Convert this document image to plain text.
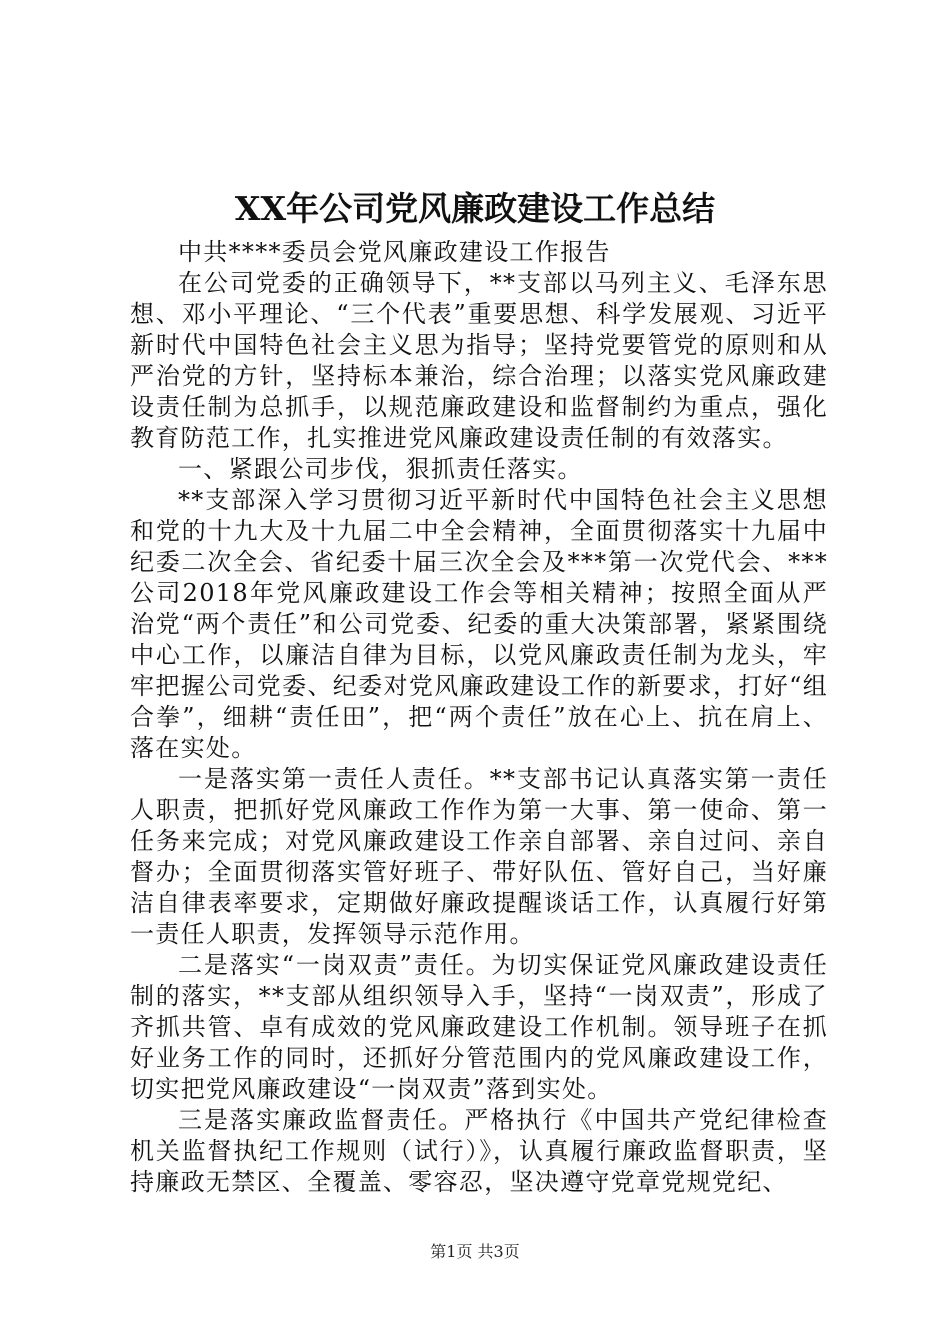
XX年公司党风廉政建设工作总结

中共****委员会党风廉政建设工作报告

在公司党委的正确领导下，**支部以马列主义、毛泽东思想、邓小平理论、“三个代表”重要思想、科学发展观、习近平新时代中国特色社会主义思为指导；坚持党要管党的原则和从严治党的方针，坚持标本兼治，综合治理；以落实党风廉政建设责任制为总抓手，以规范廉政建设和监督制约为重点，强化教育防范工作，扎实推进党风廉政建设责任制的有效落实。

一、紧跟公司步伐，狠抓责任落实。

**支部深入学习贯彻习近平新时代中国特色社会主义思想和党的十九大及十九届二中全会精神，全面贯彻落实十九届中纪委二次全会、省纪委十届三次全会及***第一次党代会、***公司2018年党风廉政建设工作会等相关精神；按照全面从严治党“两个责任”和公司党委、纪委的重大决策部署，紧紧围绕中心工作，以廉洁自律为目标，以党风廉政责任制为龙头，牢牢把握公司党委、纪委对党风廉政建设工作的新要求，打好“组合拳”，细耕“责任田”，把“两个责任”放在心上、抗在肩上、落在实处。

一是落实第一责任人责任。**支部书记认真落实第一责任人职责，把抓好党风廉政工作作为第一大事、第一使命、第一任务来完成；对党风廉政建设工作亲自部署、亲自过问、亲自督办；全面贯彻落实管好班子、带好队伍、管好自己，当好廉洁自律表率要求，定期做好廉政提醒谈话工作，认真履行好第一责任人职责，发挥领导示范作用。

二是落实“一岗双责”责任。为切实保证党风廉政建设责任制的落实，**支部从组织领导入手，坚持“一岗双责”，形成了齐抓共管、卓有成效的党风廉政建设工作机制。领导班子在抓好业务工作的同时，还抓好分管范围内的党风廉政建设工作，切实把党风廉政建设“一岗双责”落到实处。

三是落实廉政监督责任。严格执行《中国共产党纪律检查机关监督执纪工作规则（试行）》，认真履行廉政监督职责，坚持廉政无禁区、全覆盖、零容忍，坚决遵守党章党规党纪、

第1页 共3页
